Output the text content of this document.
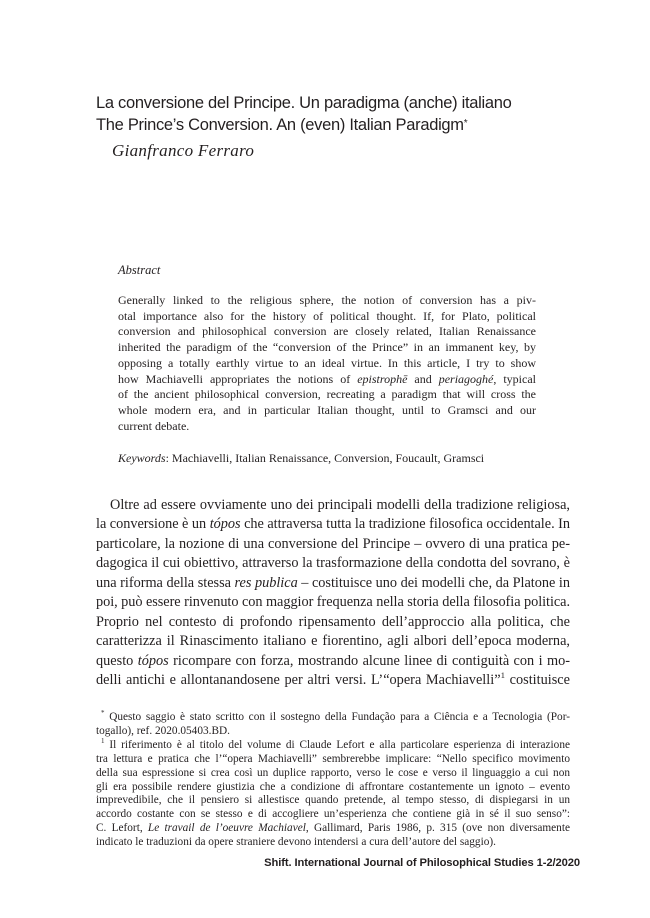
La conversione del Principe. Un paradigma (anche) italiano
The Prince’s Conversion. An (even) Italian Paradigm*
Gianfranco Ferraro
Abstract
Generally linked to the religious sphere, the notion of conversion has a piv-
otal importance also for the history of political thought. If, for Plato, political
conversion and philosophical conversion are closely related, Italian Renaissance
inherited the paradigm of the “conversion of the Prince” in an immanent key, by
opposing a totally earthly virtue to an ideal virtue. In this article, I try to show
how Machiavelli appropriates the notions of epistrophē and periagoghé, typical
of the ancient philosophical conversion, recreating a paradigm that will cross the
whole modern era, and in particular Italian thought, until to Gramsci and our
current debate.
Keywords: Machiavelli, Italian Renaissance, Conversion, Foucault, Gramsci
Oltre ad essere ovviamente uno dei principali modelli della tradizione religiosa,
la conversione è un tópos che attraversa tutta la tradizione filosofica occidentale. In
particolare, la nozione di una conversione del Principe – ovvero di una pratica pe-
dagogica il cui obiettivo, attraverso la trasformazione della condotta del sovrano, è
una riforma della stessa res publica – costituisce uno dei modelli che, da Platone in
poi, può essere rinvenuto con maggior frequenza nella storia della filosofia politica.
Proprio nel contesto di profondo ripensamento dell’approccio alla politica, che
caratterizza il Rinascimento italiano e fiorentino, agli albori dell’epoca moderna,
questo tópos ricompare con forza, mostrando alcune linee di contiguità con i mo-
delli antichi e allontanandosene per altri versi. L’“opera Machiavelli”$^1$ costituisce
* Questo saggio è stato scritto con il sostegno della Fundação para a Ciência e a Tecnologia (Por-
togallo), ref. 2020.05403.BD.
$^1$ Il riferimento è al titolo del volume di Claude Lefort e alla particolare esperienza di interazione
tra lettura e pratica che l’“opera Machiavelli” sembrerebbe implicare: “Nello specifico movimento
della sua espressione si crea così un duplice rapporto, verso le cose e verso il linguaggio a cui non
gli era possibile rendere giustizia che a condizione di affrontare costantemente un ignoto – evento
imprevedibile, che il pensiero si allestisce quando pretende, al tempo stesso, di dispiegarsi in un
accordo costante con se stesso e di accogliere un’esperienza che contiene già in sé il suo senso”:
C. Lefort, Le travail de l’oeuvre Machiavel, Gallimard, Paris 1986, p. 315 (ove non diversamente
indicato le traduzioni da opere straniere devono intendersi a cura dell’autore del saggio).
Shift. International Journal of Philosophical Studies 1-2/2020
